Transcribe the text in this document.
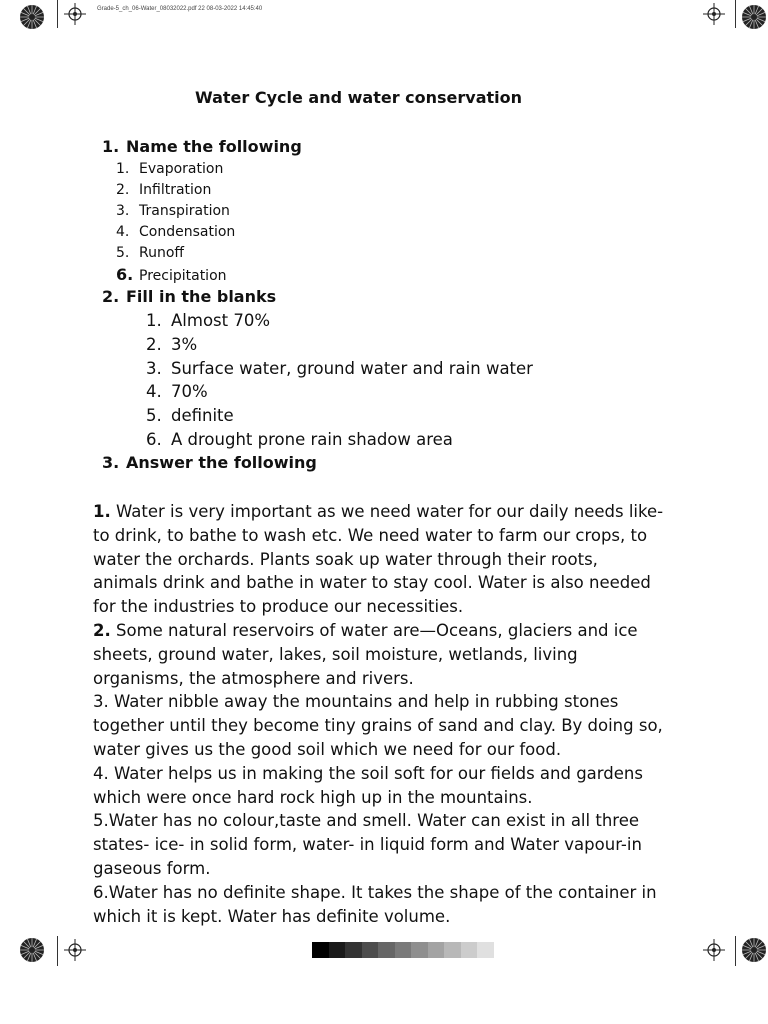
Grade-5_ch_06-Water_08032022.pdf 22 08-03-2022 14:45:40
Water Cycle and water conservation
1. Name the following
1. Evaporation
2. Infiltration
3. Transpiration
4. Condensation
5. Runoff
6. Precipitation
2. Fill in the blanks
1. Almost 70%
2. 3%
3. Surface water, ground water and rain water
4. 70%
5. definite
6. A drought prone rain shadow area
3. Answer the following
1. Water is very important as we need water for our daily needs like-
to drink, to bathe to wash etc. We need water to farm our crops, to
water the orchards. Plants soak up water through their roots,
animals drink and bathe in water to stay cool. Water is also needed
for the industries to produce our necessities.
2. Some natural reservoirs of water are—Oceans, glaciers and ice
sheets, ground water, lakes, soil moisture, wetlands, living
organisms, the atmosphere and rivers.
3. Water nibble away the mountains and help in rubbing stones
together until they become tiny grains of sand and clay. By doing so,
water gives us the good soil which we need for our food.
4. Water helps us in making the soil soft for our fields and gardens
which were once hard rock high up in the mountains.
5.Water has no colour,taste and smell. Water can exist in all three
states- ice- in solid form, water- in liquid form and Water vapour-in
gaseous form.
6.Water has no definite shape. It takes the shape of the container in
which it is kept. Water has definite volume.
